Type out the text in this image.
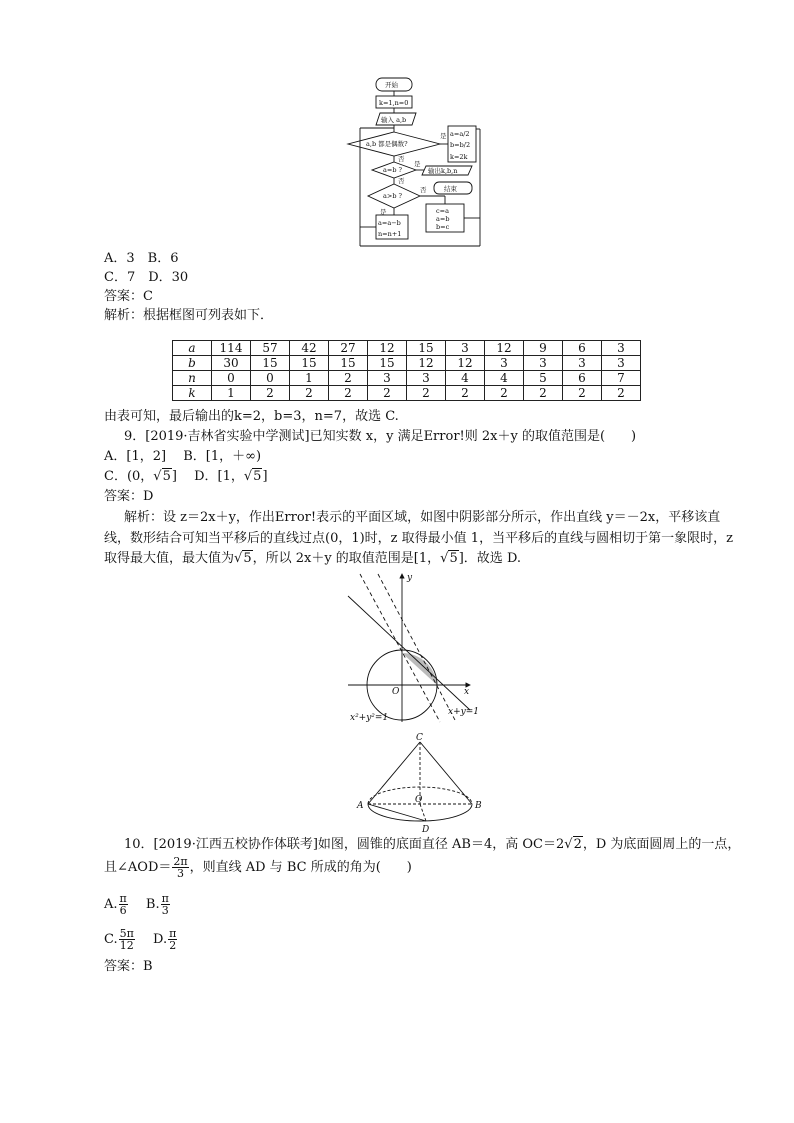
开始
k=1,n=0
输入 a,b
a,b 都是偶数?
是 a=a/2
b=b/2
k=2k
否
a=b ?
是
输出k,b,n
否
a>b ?
否	结束
是
a=a−b
n=n+1
c=a
a=b
b=c
A．3　B．6
C．7　D．30
答案：C
解析：根据框图可列表如下．
a	114	57	42	27	12	15	3	12	9	6	3
b	30	15	15	15	15	12	12	3	3	3	3
n	0	0	1	2	3	3	4	4	5	6	7
k	1	2	2	2	2	2	2	2	2	2	2
由表可知，最后输出的k=2，b=3，n=7，故选 C.
9．[2019·吉林省实验中学测试]已知实数 x，y 满足Error!则 2x＋y 的取值范围是(　　)
A．[1，2]　 B．[1，＋∞)
C．(0，√5]　 D．[1，√5]
答案：D
解析：设 z＝2x＋y，作出Error!表示的平面区域，如图中阴影部分所示，作出直线 y＝－2x，平移该直
线，数形结合可知当平移后的直线过点(0，1)时，z 取得最小值 1，当平移后的直线与圆相切于第一象限时，z
取得最大值，最大值为√5，所以 2x＋y 的取值范围是[1，√5]．故选 D.
y
x
O
x+y=1
x²+y²=1
C
A	B
O
D
10．[2019·江西五校协作体联考]如图，圆锥的底面直径 AB＝4，高 OC＝2√2，D 为底面圆周上的一点，
且∠AOD＝ $\frac{2\pi}{3}$ ，则直线 AD 与 BC 所成的角为(　　)
A. $\frac{\pi}{6}$
　 B. $\frac{\pi}{3}$
C. $\frac{5\pi}{12}$
　 D. $\frac{\pi}{2}$
答案：B
